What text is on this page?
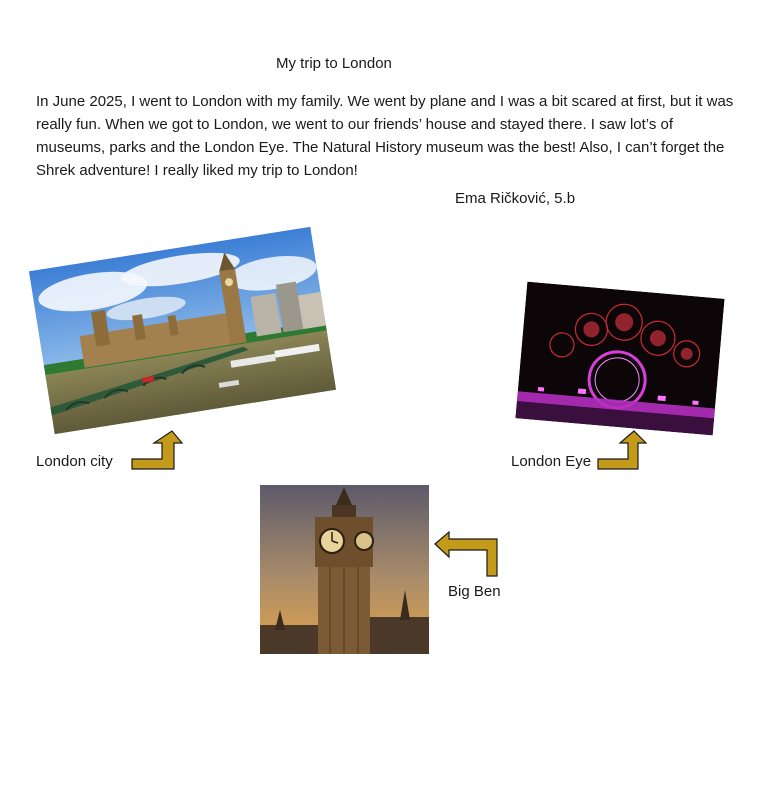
My trip to London
In June 2025, I went to London with my family. We went by plane and I was a bit scared at first, but it was really fun. When we got to London, we went to our friends’ house and stayed there. I saw lot’s of museums, parks and the London Eye. The Natural History museum was the best! Also, I can’t forget the Shrek adventure! I really liked my trip to London!
Ema Ričković, 5.b
London city	London Eye
Big Ben
